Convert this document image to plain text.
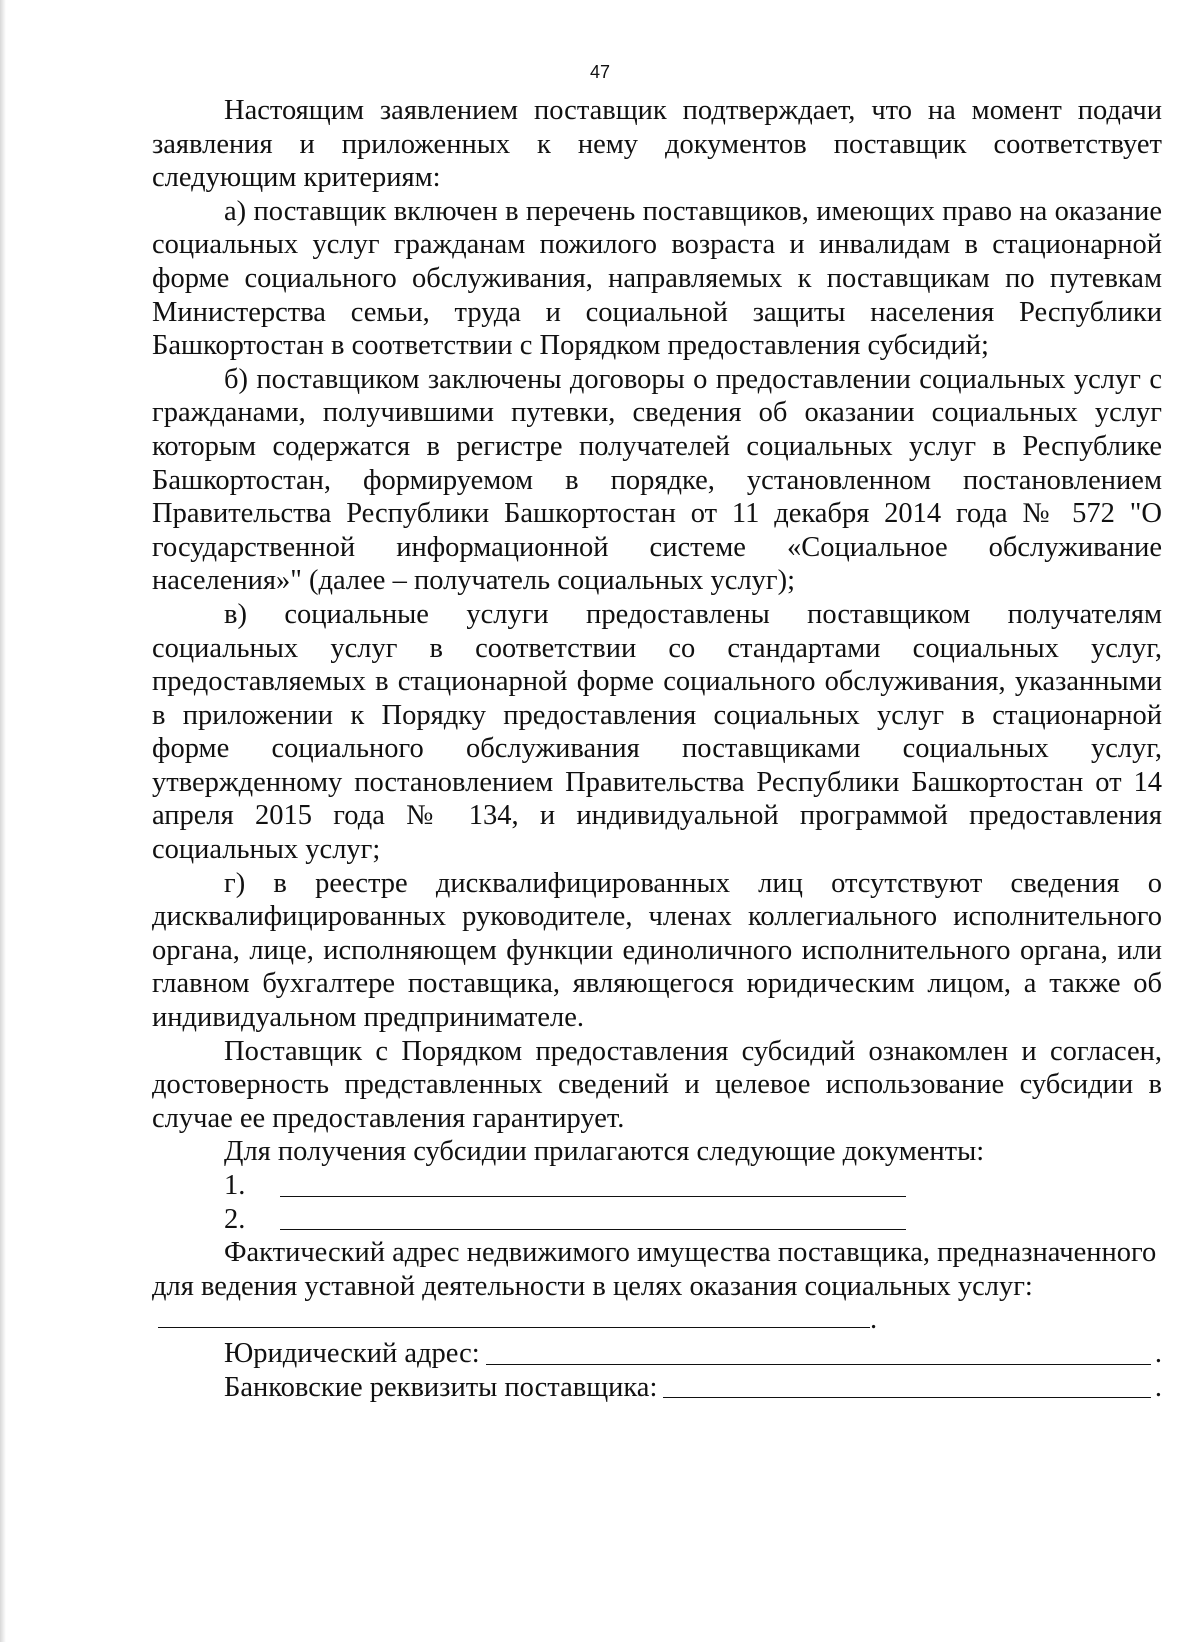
47

Настоящим заявлением поставщик подтверждает, что на момент подачи заявления и приложенных к нему документов поставщик соответствует следующим критериям:

а) поставщик включен в перечень поставщиков, имеющих право на оказание социальных услуг гражданам пожилого возраста и инвалидам в стационарной форме социального обслуживания, направляемых к поставщикам по путевкам Министерства семьи, труда и социальной защиты населения Республики Башкортостан в соответствии с Порядком предоставления субсидий;

б) поставщиком заключены договоры о предоставлении социальных услуг с гражданами, получившими путевки, сведения об оказании социальных услуг которым содержатся в регистре получателей социальных услуг в Республике Башкортостан, формируемом в порядке, установленном постановлением Правительства Республики Башкортостан от 11 декабря 2014 года № 572 "О государственной информационной системе «Социальное обслуживание населения»" (далее – получатель социальных услуг);

в) социальные услуги предоставлены поставщиком получателям социальных услуг в соответствии со стандартами социальных услуг, предоставляемых в стационарной форме социального обслуживания, указанными в приложении к Порядку предоставления социальных услуг в стационарной форме социального обслуживания поставщиками социальных услуг, утвержденному постановлением Правительства Республики Башкортостан от 14 апреля 2015 года № 134, и индивидуальной программой предоставления социальных услуг;

г) в реестре дисквалифицированных лиц отсутствуют сведения о дисквалифицированных руководителе, членах коллегиального исполнительного органа, лице, исполняющем функции единоличного исполнительного органа, или главном бухгалтере поставщика, являющегося юридическим лицом, а также об индивидуальном предпринимателе.

Поставщик с Порядком предоставления субсидий ознакомлен и согласен, достоверность представленных сведений и целевое использование субсидии в случае ее предоставления гарантирует.

Для получения субсидии прилагаются следующие документы:

1.
2.
Фактический адрес недвижимого имущества поставщика, предназначенного для ведения уставной деятельности в целях оказания социальных услуг: .
Юридический адрес:	.
Банковские реквизиты поставщика:	.
